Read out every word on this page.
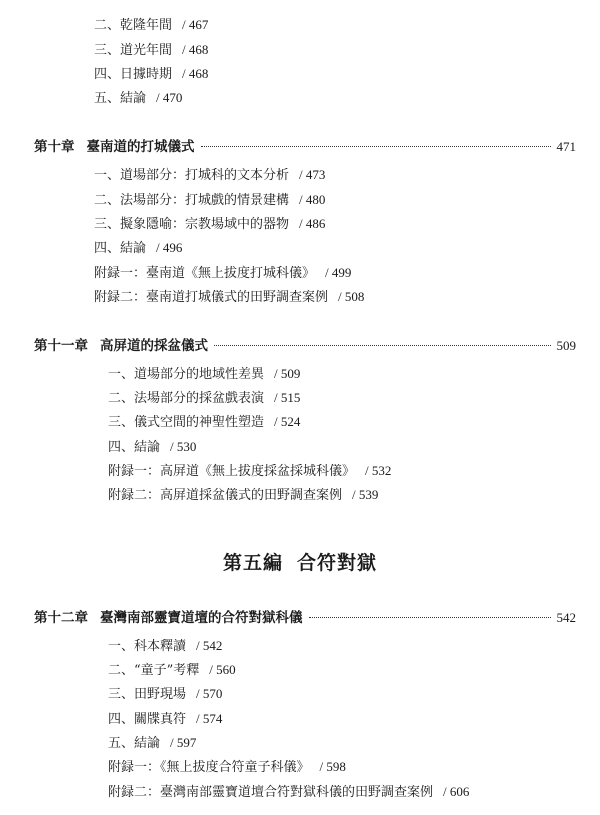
二、乾隆年間 / 467
三、道光年間 / 468
四、日據時期 / 468
五、結論 / 470
第十章 臺南道的打城儀式	471
一、道場部分：打城科的文本分析 / 473
二、法場部分：打城戲的情景建構 / 480
三、擬象隱喻：宗教場域中的器物 / 486
四、結論 / 496
附録一：臺南道《無上拔度打城科儀》 / 499
附録二：臺南道打城儀式的田野調查案例 / 508
第十一章 高屏道的採盆儀式	509
一、道場部分的地域性差異 / 509
二、法場部分的採盆戲表演 / 515
三、儀式空間的神聖性塑造 / 524
四、結論 / 530
附録一：高屏道《無上拔度採盆採城科儀》 / 532
附録二：高屏道採盆儀式的田野調查案例 / 539
第五編 合符對獄
第十二章 臺灣南部靈寶道壇的合符對獄科儀	542
一、科本釋讀 / 542
二、“童子”考釋 / 560
三、田野現場 / 570
四、關牒真符 / 574
五、結論 / 597
附録一：《無上拔度合符童子科儀》 / 598
附録二：臺灣南部靈寶道壇合符對獄科儀的田野調查案例 / 606
